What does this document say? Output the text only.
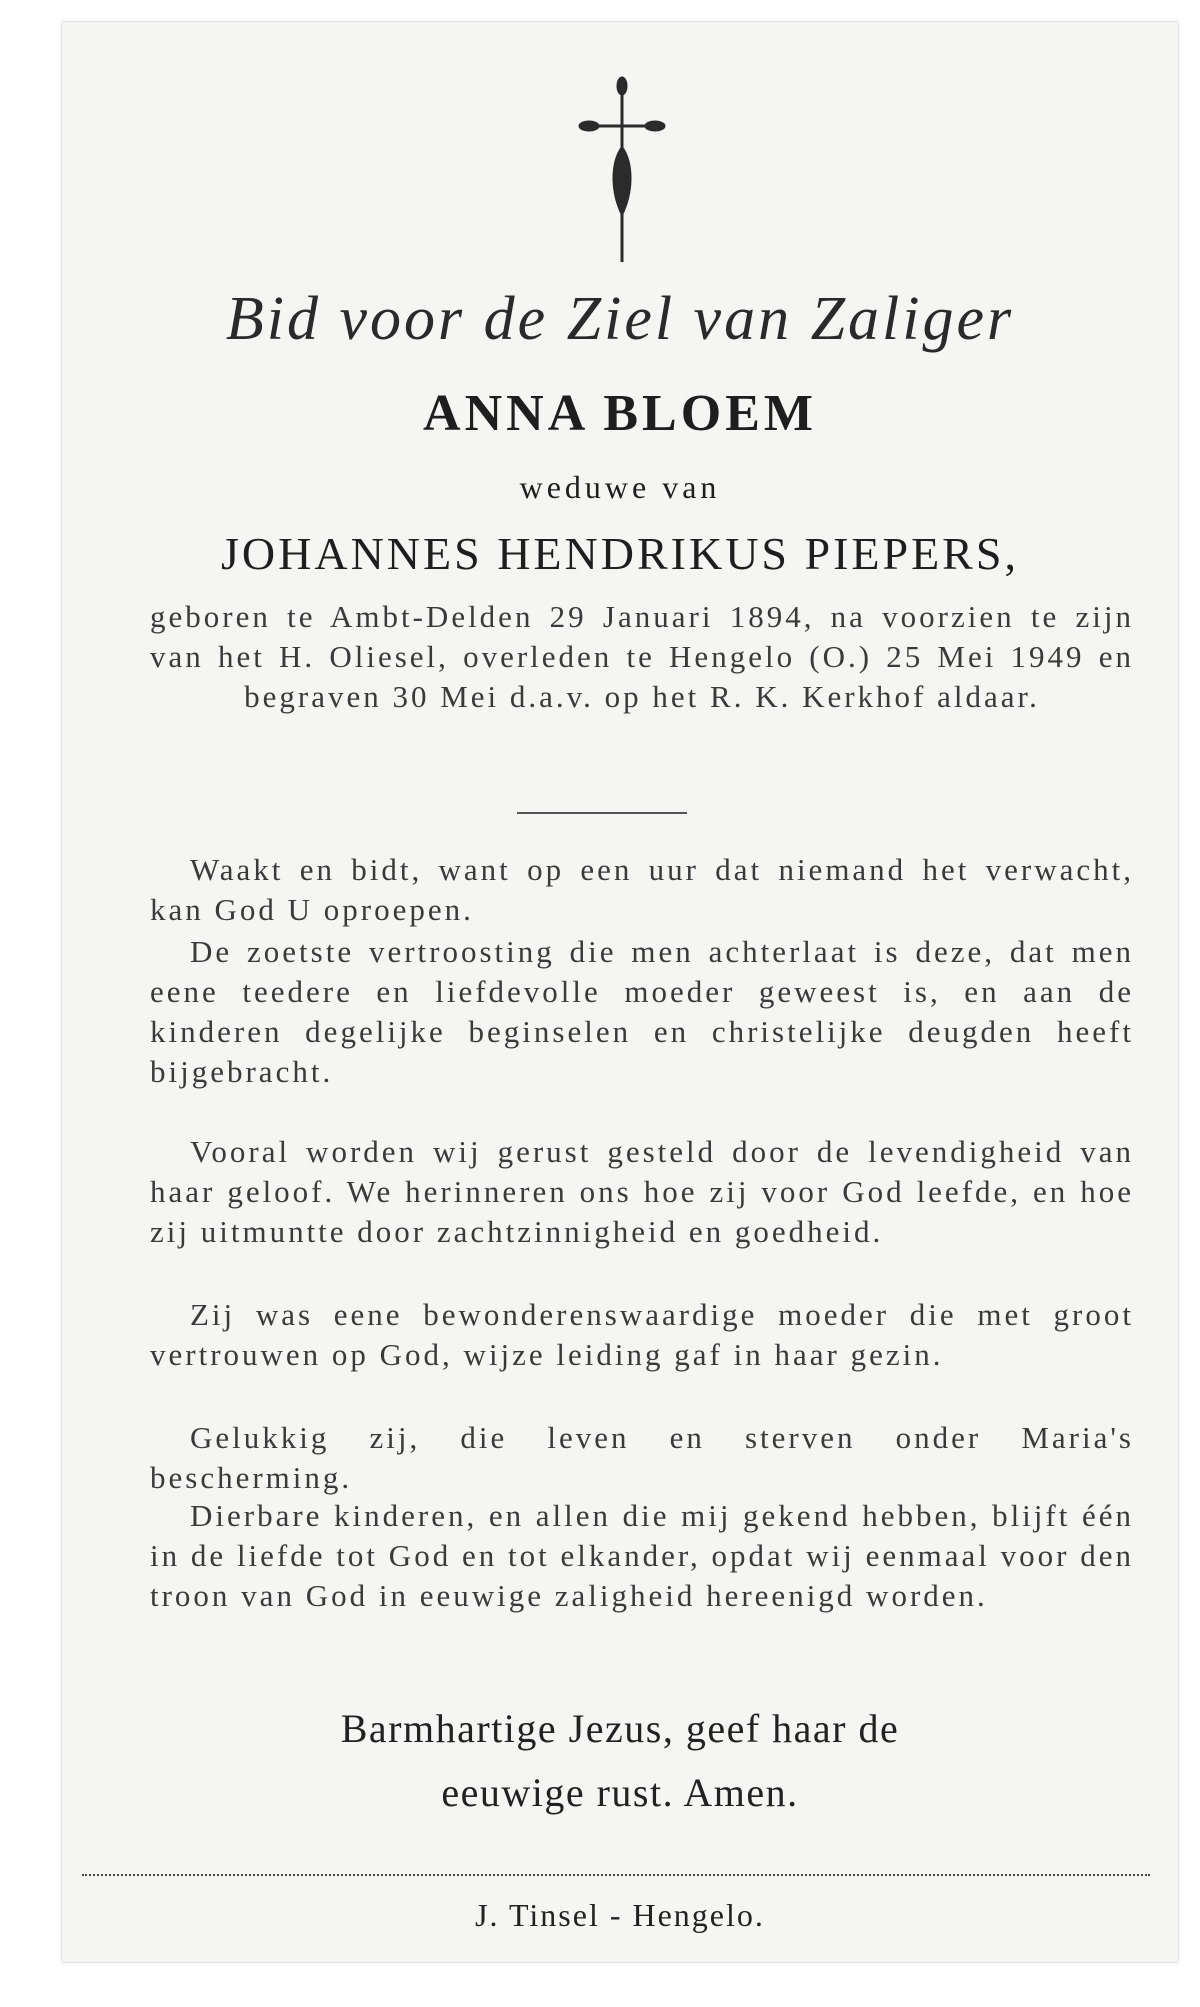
Bid voor de Ziel van Zaliger
ANNA BLOEM
weduwe van
JOHANNES HENDRIKUS PIEPERS,

geboren te Ambt-Delden 29 Januari 1894, na voorzien te zijn van het H. Oliesel, overleden te Hengelo (O.) 25 Mei 1949 en begraven 30 Mei d.a.v. op het R. K. Kerkhof aldaar.

Waakt en bidt, want op een uur dat niemand het verwacht, kan God U oproepen.

De zoetste vertroosting die men achterlaat is deze, dat men eene teedere en liefdevolle moeder geweest is, en aan de kinderen degelijke beginselen en christelijke deugden heeft bijgebracht.

Vooral worden wij gerust gesteld door de levendigheid van haar geloof. We herinneren ons hoe zij voor God leefde, en hoe zij uitmuntte door zachtzinnigheid en goedheid.

Zij was eene bewonderenswaardige moeder die met groot vertrouwen op God, wijze leiding gaf in haar gezin.

Gelukkig zij, die leven en sterven onder Maria's bescherming.

Dierbare kinderen, en allen die mij gekend hebben, blijft één in de liefde tot God en tot elkander, opdat wij eenmaal voor den troon van God in eeuwige zaligheid hereenigd worden.

Barmhartige Jezus, geef haar de
eeuwige rust. Amen.
J. Tinsel - Hengelo.
